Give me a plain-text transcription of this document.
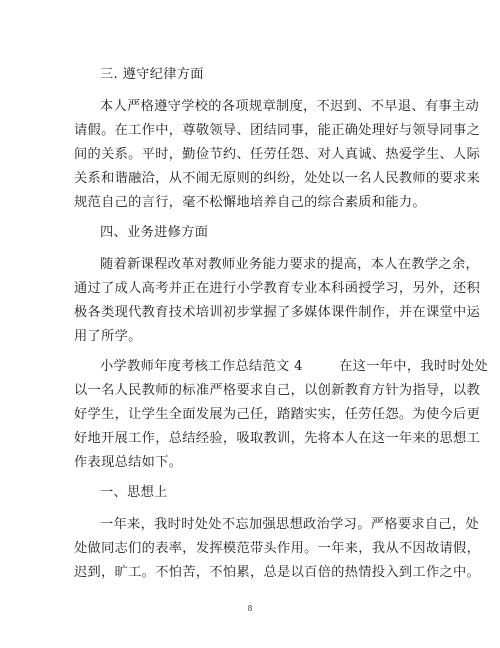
三. 遵守纪律方面
本人严格遵守学校的各项规章制度，不迟到、不早退、有事主动
请假。在工作中，尊敬领导、团结同事，能正确处理好与领导同事之
间的关系。平时，勤俭节约、任劳任怨、对人真诚、热爱学生、人际
关系和谐融洽，从不闹无原则的纠纷，处处以一名人民教师的要求来
规范自己的言行，毫不松懈地培养自己的综合素质和能力。
四、业务进修方面
随着新课程改革对教师业务能力要求的提高，本人在教学之余，
通过了成人高考并正在进行小学教育专业本科函授学习，另外，还积
极各类现代教育技术培训初步掌握了多媒体课件制作，并在课堂中运
用了所学。
小学教师年度考核工作总结范文 4        在这一年中，我时时处处
以一名人民教师的标准严格要求自己，以创新教育方针为指导，以教
好学生，让学生全面发展为己任，踏踏实实，任劳任怨。为使今后更
好地开展工作，总结经验，吸取教训，先将本人在这一年来的思想工
作表现总结如下。
一、思想上
一年来，我时时处处不忘加强思想政治学习。严格要求自己，处
处做同志们的表率，发挥模范带头作用。一年来，我从不因故请假，
迟到，旷工。不怕苦，不怕累，总是以百倍的热情投入到工作之中。
8
